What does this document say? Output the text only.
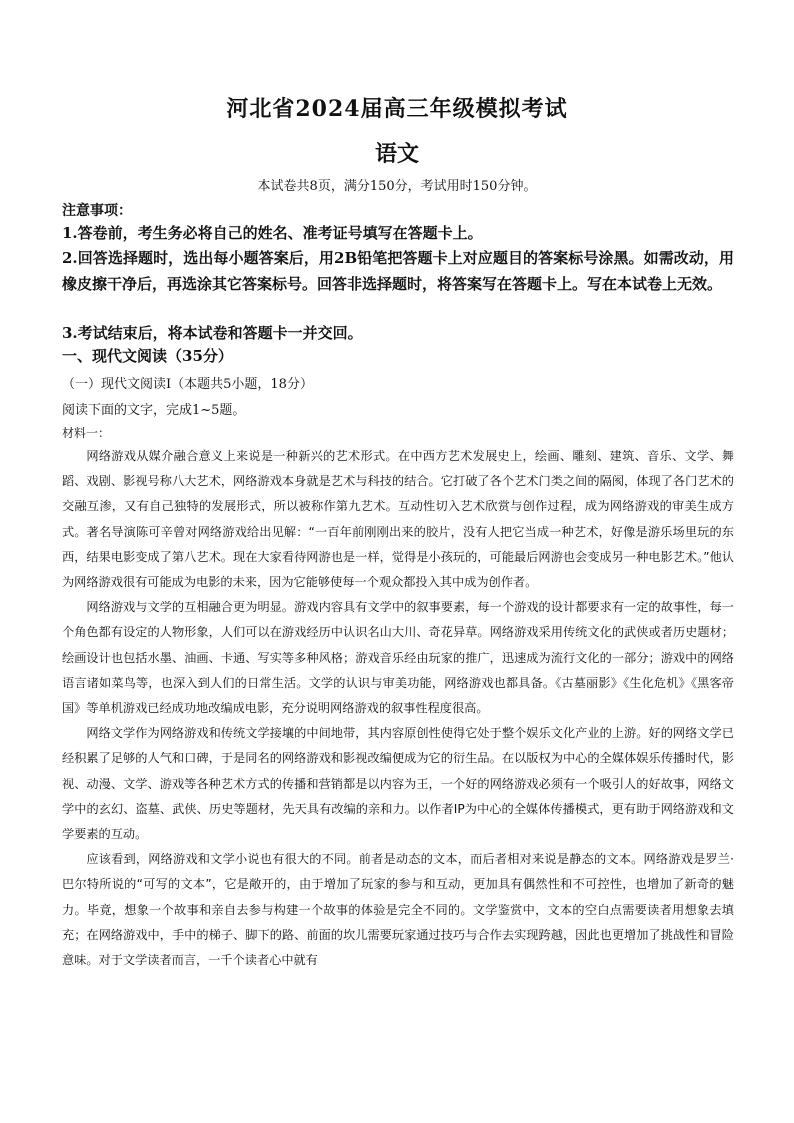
河北省2024届高三年级模拟考试
语文
本试卷共8页，满分150分，考试用时150分钟。
注意事项：
1.答卷前，考生务必将自己的姓名、准考证号填写在答题卡上。
2.回答选择题时，选出每小题答案后，用2B铅笔把答题卡上对应题目的答案标号涂黑。如需改动，用橡皮擦干净后，再选涂其它答案标号。回答非选择题时，将答案写在答题卡上。写在本试卷上无效。
3.考试结束后，将本试卷和答题卡一并交回。
一、现代文阅读（35分）
（一）现代文阅读Ⅰ（本题共5小题，18分）
阅读下面的文字，完成1~5题。
材料一：

网络游戏从媒介融合意义上来说是一种新兴的艺术形式。在中西方艺术发展史上，绘画、雕刻、建筑、音乐、文学、舞蹈、戏剧、影视号称八大艺术，网络游戏本身就是艺术与科技的结合。它打破了各个艺术门类之间的隔阂，体现了各门艺术的交融互渗，又有自己独特的发展形式，所以被称作第九艺术。互动性切入艺术欣赏与创作过程，成为网络游戏的审美生成方式。著名导演陈可辛曾对网络游戏给出见解：“一百年前刚刚出来的胶片，没有人把它当成一种艺术，好像是游乐场里玩的东西，结果电影变成了第八艺术。现在大家看待网游也是一样，觉得是小孩玩的，可能最后网游也会变成另一种电影艺术。”他认为网络游戏很有可能成为电影的未来，因为它能够使每一个观众都投入其中成为创作者。

网络游戏与文学的互相融合更为明显。游戏内容具有文学中的叙事要素，每一个游戏的设计都要求有一定的故事性，每一个角色都有设定的人物形象，人们可以在游戏经历中认识名山大川、奇花异草。网络游戏采用传统文化的武侠或者历史题材；绘画设计也包括水墨、油画、卡通、写实等多种风格；游戏音乐经由玩家的推广，迅速成为流行文化的一部分；游戏中的网络语言诸如菜鸟等，也深入到人们的日常生活。文学的认识与审美功能，网络游戏也都具备。《古墓丽影》《生化危机》《黑客帝国》等单机游戏已经成功地改编成电影，充分说明网络游戏的叙事性程度很高。

网络文学作为网络游戏和传统文学接壤的中间地带，其内容原创性使得它处于整个娱乐文化产业的上游。好的网络文学已经积累了足够的人气和口碑，于是同名的网络游戏和影视改编便成为它的衍生品。在以版权为中心的全媒体娱乐传播时代，影视、动漫、文学、游戏等各种艺术方式的传播和营销都是以内容为王，一个好的网络游戏必须有一个吸引人的好故事，网络文学中的玄幻、盗墓、武侠、历史等题材，先天具有改编的亲和力。以作者IP为中心的全媒体传播模式，更有助于网络游戏和文学要素的互动。

应该看到，网络游戏和文学小说也有很大的不同。前者是动态的文本，而后者相对来说是静态的文本。网络游戏是罗兰·巴尔特所说的“可写的文本”，它是敞开的，由于增加了玩家的参与和互动，更加具有偶然性和不可控性，也增加了新奇的魅力。毕竟，想象一个故事和亲自去参与构建一个故事的体验是完全不同的。文学鉴赏中，文本的空白点需要读者用想象去填充；在网络游戏中，手中的梯子、脚下的路、前面的坎儿需要玩家通过技巧与合作去实现跨越，因此也更增加了挑战性和冒险意味。对于文学读者而言，一千个读者心中就有
